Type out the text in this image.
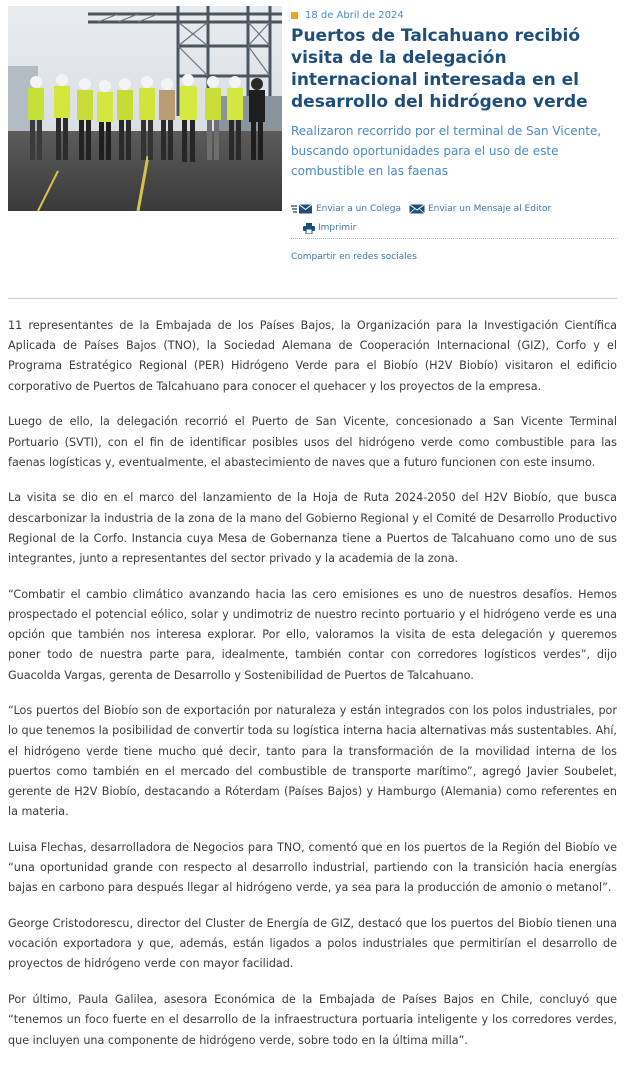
18 de Abril de 2024
Puertos de Talcahuano recibió visita de la delegación internacional interesada en el desarrollo del hidrógeno verde

Realizaron recorrido por el terminal de San Vicente, buscando oportunidades para el uso de este combustible en las faenas

Enviar a un Colega	Enviar un Mensaje al Editor
Imprimir
Compartir en redes sociales

11 representantes de la Embajada de los Países Bajos, la Organización para la Investigación Científica Aplicada de Países Bajos (TNO), la Sociedad Alemana de Cooperación Internacional (GIZ), Corfo y el Programa Estratégico Regional (PER) Hidrógeno Verde para el Biobío (H2V Biobío) visitaron el edificio corporativo de Puertos de Talcahuano para conocer el quehacer y los proyectos de la empresa.

Luego de ello, la delegación recorrió el Puerto de San Vicente, concesionado a San Vicente Terminal Portuario (SVTI), con el fin de identificar posibles usos del hidrógeno verde como combustible para las faenas logísticas y, eventualmente, el abastecimiento de naves que a futuro funcionen con este insumo.

La visita se dio en el marco del lanzamiento de la Hoja de Ruta 2024-2050 del H2V Biobío, que busca descarbonizar la industria de la zona de la mano del Gobierno Regional y el Comité de Desarrollo Productivo Regional de la Corfo. Instancia cuya Mesa de Gobernanza tiene a Puertos de Talcahuano como uno de sus integrantes, junto a representantes del sector privado y la academia de la zona.

“Combatir el cambio climático avanzando hacia las cero emisiones es uno de nuestros desafíos. Hemos prospectado el potencial eólico, solar y undimotriz de nuestro recinto portuario y el hidrógeno verde es una opción que también nos interesa explorar. Por ello, valoramos la visita de esta delegación y queremos poner todo de nuestra parte para, idealmente, también contar con corredores logísticos verdes”, dijo Guacolda Vargas, gerenta de Desarrollo y Sostenibilidad de Puertos de Talcahuano.

“Los puertos del Biobío son de exportación por naturaleza y están integrados con los polos industriales, por lo que tenemos la posibilidad de convertir toda su logística interna hacia alternativas más sustentables. Ahí, el hidrógeno verde tiene mucho qué decir, tanto para la transformación de la movilidad interna de los puertos como también en el mercado del combustible de transporte marítimo”, agregó Javier Soubelet, gerente de H2V Biobío, destacando a Róterdam (Países Bajos) y Hamburgo (Alemania) como referentes en la materia.

Luisa Flechas, desarrolladora de Negocios para TNO, comentó que en los puertos de la Región del Biobío ve “una oportunidad grande con respecto al desarrollo industrial, partiendo con la transición hacia energías bajas en carbono para después llegar al hidrógeno verde, ya sea para la producción de amonio o metanol”.

George Cristodorescu, director del Cluster de Energía de GIZ, destacó que los puertos del Biobío tienen una vocación exportadora y que, además, están ligados a polos industriales que permitirían el desarrollo de proyectos de hidrógeno verde con mayor facilidad.

Por último, Paula Galilea, asesora Económica de la Embajada de Países Bajos en Chile, concluyó que “tenemos un foco fuerte en el desarrollo de la infraestructura portuaria inteligente y los corredores verdes, que incluyen una componente de hidrógeno verde, sobre todo en la última milla”.
